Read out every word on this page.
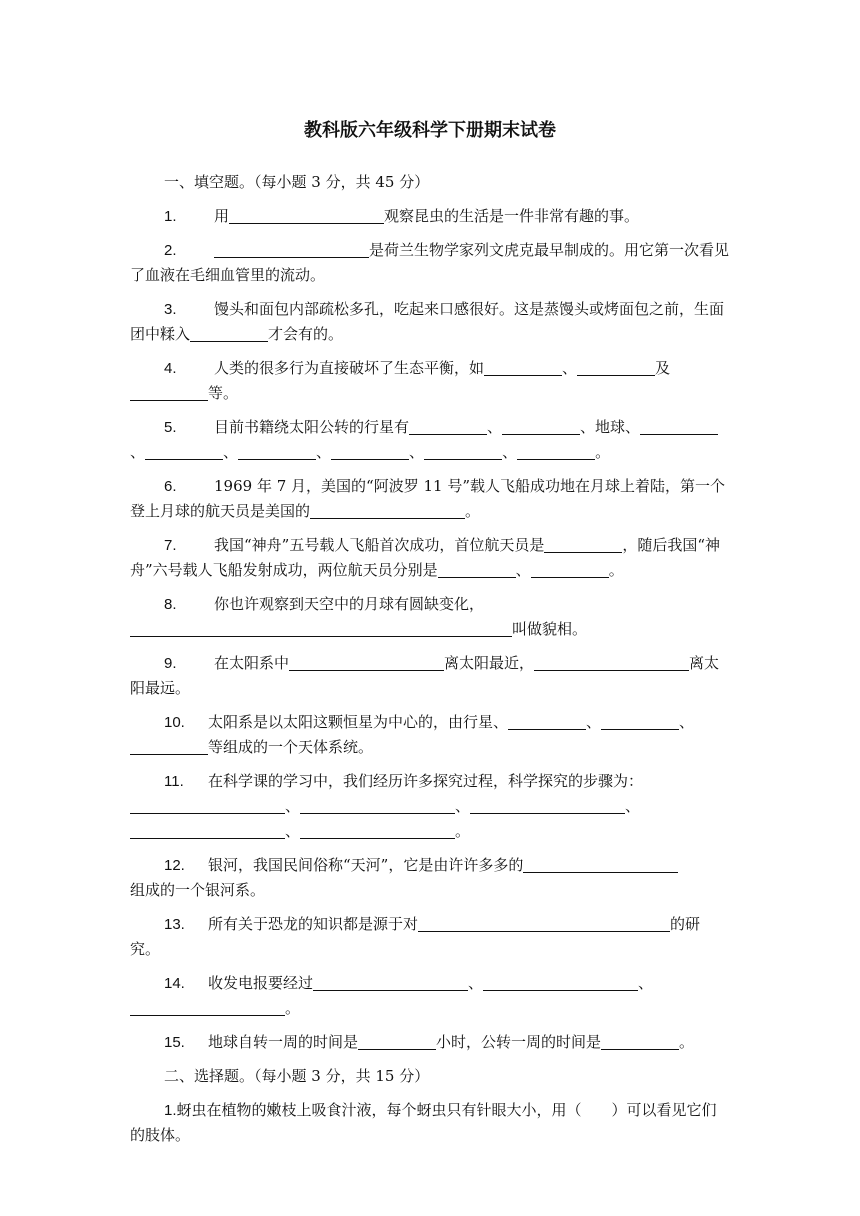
教科版六年级科学下册期末试卷
一、填空题。（每小题 3 分，共 45 分）
1. 用	观察昆虫的生活是一件非常有趣的事。
2.	是荷兰生物学家列文虎克最早制成的。用它第一次看见了血液在毛细血管里的流动。
3. 馒头和面包内部疏松多孔，吃起来口感很好。这是蒸馒头或烤面包之前，生面团中糅入	才会有的。
4. 人类的很多行为直接破坏了生态平衡，如	、	及等。
5. 目前书籍绕太阳公转的行星有	、	、地球、、	、	、	、	、	。
6. 1969 年 7 月，美国的“阿波罗 11 号”载人飞船成功地在月球上着陆，第一个登上月球的航天员是美国的	。
7. 我国“神舟”五号载人飞船首次成功，首位航天员是	，随后我国“神舟”六号载人飞船发射成功，两位航天员分别是	、	。
8. 你也许观察到天空中的月球有圆缺变化，
叫做貌相。
9. 在太阳系中	离太阳最近，	离太阳最远。
10. 太阳系是以太阳这颗恒星为中心的，由行星、	、	、等组成的一个天体系统。
11. 在科学课的学习中，我们经历许多探究过程，科学探究的步骤为：
、	、	、
、	。
12. 银河，我国民间俗称“天河”，它是由许许多多的
组成的一个银河系。
13. 所有关于恐龙的知识都是源于对	的研究。
14. 收发电报要经过	、	、
。
15. 地球自转一周的时间是	小时，公转一周的时间是	。
二、选择题。（每小题 3 分，共 15 分）
1.蚜虫在植物的嫩枝上吸食汁液，每个蚜虫只有针眼大小，用（　　）可以看见它们的肢体。
